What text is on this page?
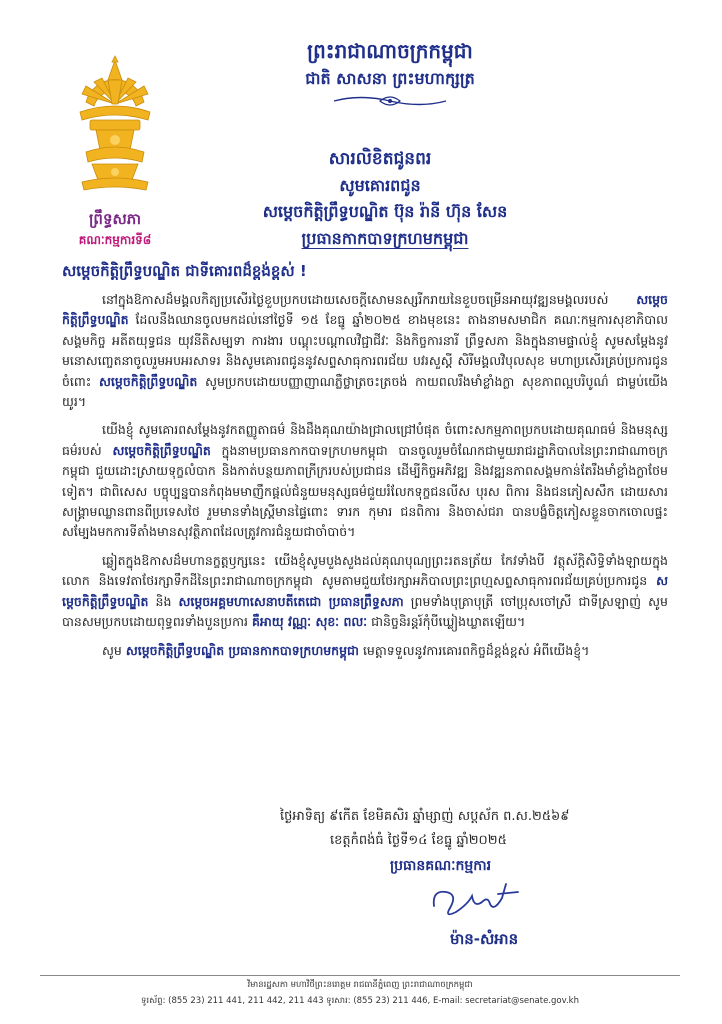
ព្រឹទ្ធសភា
គណៈកម្មការទី៨
ព្រះរាជាណាចក្រកម្ពុជា
ជាតិ សាសនា ព្រះមហាក្សត្រ
សារលិខិតជូនពរ
សូមគោរពជូន
សម្តេចកិត្តិព្រឹទ្ធបណ្ឌិត ប៊ុន រ៉ានី ហ៊ុន សែន
ប្រធានកាកបាទក្រហមកម្ពុជា
សម្តេចកិត្តិព្រឹទ្ធបណ្ឌិត ជាទីគោរពដ៏ខ្ពង់ខ្ពស់ !

នៅក្នុងឱកាសដ៏មង្គលកិត្យប្រសើរថ្ងៃខួបប្រកបដោយសេចក្តីសោមនស្សរីករាយនៃខួបចម្រើនអាយុវឌ្ឍនមង្គលរបស់ សម្តេចកិត្តិព្រឹទ្ធបណ្ឌិត ដែលនឹងឈានចូលមកដល់នៅថ្ងៃទី ១៥ ខែធ្នូ ឆ្នាំ២០២៥ ខាងមុខនេះ តាងនាមសមាជិក គណៈកម្មការសុខាភិបាល សង្គមកិច្ច អតីតយុទ្ធជន យុវនីតិសម្បទា ការងារ បណ្តុះបណ្តាលវិជ្ជាជីវៈ និងកិច្ចការនារី ព្រឹទ្ធសភា និងក្នុងនាមផ្ទាល់ខ្ញុំ សូមសម្តែងនូវមនោសញ្ចេតនាចូលរួមអបអរសាទរ និងសូមគោរពជូននូវសព្ទសាធុការពរជ័យ បវរសួស្តី សិរីមង្គលវិបុលសុខ មហាប្រសើរគ្រប់ប្រការជូនចំពោះ សម្តេចកិត្តិព្រឹទ្ធបណ្ឌិត សូមប្រកបដោយបញ្ញាញាណភ្លឺថ្លាត្រចះត្រចង់ កាយពលរឹងមាំខ្លាំងក្លា សុខភាពល្អបរិបូណ៌ ជាម្លប់យើងយូរ។

យើងខ្ញុំ សូមគោរពសម្តែងនូវកតញ្ញូតាធម៌ និងដឹងគុណយ៉ាងជ្រាលជ្រៅបំផុត ចំពោះសកម្មភាពប្រកបដោយគុណធម៌ និងមនុស្សធម៌របស់ សម្តេចកិត្តិព្រឹទ្ធបណ្ឌិត ក្នុងនាមប្រធានកាកបាទក្រហមកម្ពុជា បានចូលរួមចំណែកជាមួយរាជរដ្ឋាភិបាលនៃព្រះរាជាណាចក្រកម្ពុជា ជួយដោះស្រាយទុក្ខលំបាក និងកាត់បន្ថយភាពក្រីក្ររបស់ប្រជាជន ដើម្បីកិច្ចអភិវឌ្ឍ និងវឌ្ឍនភាពសង្គមកាន់តែរឹងមាំខ្លាំងក្លាថែមទៀត។ ជាពិសេស បច្ចុប្បន្នបានកំពុងមមាញឹកផ្តល់ជំនួយមនុស្សធម៌ជួយរំលែកទុក្ខជនលីស បុរស ពិការ និងជនភៀសសឹក ដោយសារសង្គ្រាមឈ្លានពានពីប្រទេសថៃ រួមមានទាំងស្ត្រីមានផ្ទៃពោះ ទារក កុមារ ជនពិការ និងចាស់ជរា បានបង្ខំចិត្តភៀសខ្លួនចាកចោលផ្ទះសម្បែងមកការទីតាំងមានសុវត្ថិភាពដែលត្រូវការជំនួយជាចាំបាច់។

ឆ្លៀតក្នុងឱកាសដ៏មហានក្ខត្តឫក្សនេះ យើងខ្ញុំសូមបួងសួងដល់គុណបុណ្យព្រះរតនត្រ័យ កែវទាំងបី វត្ថុស័ក្តិសិទ្ធិទាំងឡាយក្នុងលោក និងទេវតាថែរក្សាទឹកដីនៃព្រះរាជាណាចក្រកម្ពុជា សូមតាមជួយថែរក្សាអភិបាលព្រះព្រហ្មសព្ទសាធុការពរជ័យគ្រប់ប្រការជូន សម្តេចកិត្តិព្រឹទ្ធបណ្ឌិត និង សម្តេចអគ្គមហាសេនាបតីតេជោ ប្រធានព្រឹទ្ធសភា ព្រមទាំងបុត្រាបុត្រី ចៅប្រុសចៅស្រី ជាទីស្រឡាញ់ សូមបានសមប្រកបដោយពុទ្ធពរទាំងបួនប្រការ គឺអាយុ វណ្ណៈ សុខៈ ពលៈ ជានិច្ចនិរន្តរ៍កុំបីឃ្លៀងឃ្លាតឡើយ។

សូម សម្តេចកិត្តិព្រឹទ្ធបណ្ឌិត ប្រធានកាកបាទក្រហមកម្ពុជា មេត្តាទទួលនូវការគោរពកិច្ចដ៏ខ្ពង់ខ្ពស់ អំពីយើងខ្ញុំ។

ថ្ងៃអាទិត្យ ៩កើត ខែមិគសិរ ឆ្នាំម្សាញ់ សប្តស័ក ព.ស.២៥៦៩
ខេត្តកំពង់ធំ ថ្ងៃទី១៤ ខែធ្នូ ឆ្នាំ២០២៥
ប្រធានគណៈកម្មការ
ម៉ាន-សំអាន
វិមានរដ្ឋសភា មហាវិថីព្រះនរោត្តម រាជធានីភ្នំពេញ ព្រះរាជាណាចក្រកម្ពុជា
ទូរស័ព្ទ: (855 23) 211 441, 211 442, 211 443 ទូរសារ: (855 23) 211 446, E-mail: secretariat@senate.gov.kh
